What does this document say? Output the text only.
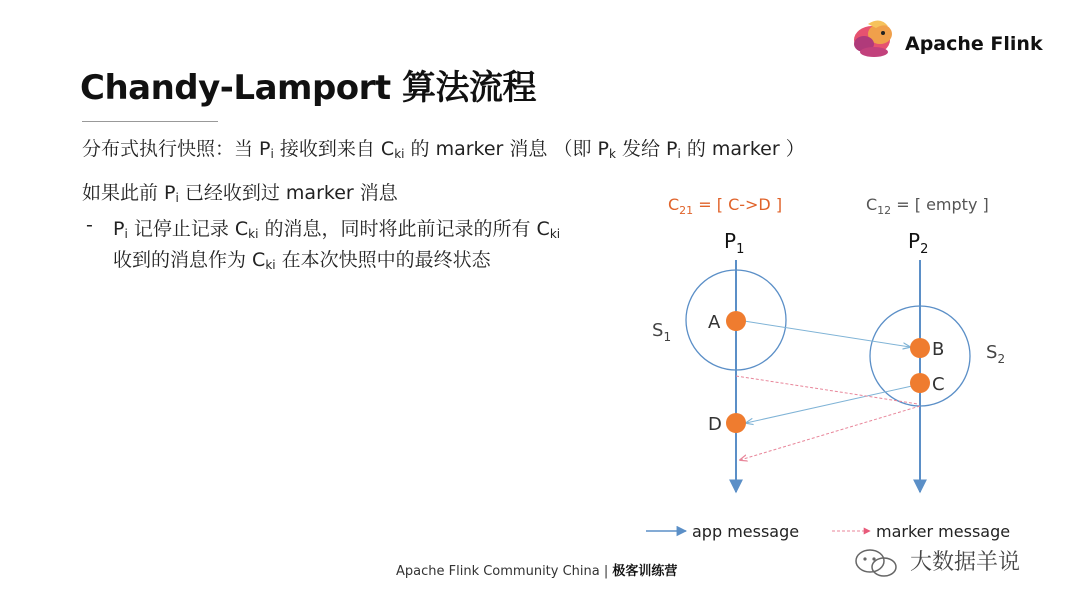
Chandy-Lamport 算法流程
Apache Flink
分布式执行快照：当 $P_i$ 接收到来自 $C_{ki}$ 的 marker 消息 （即 $P_k$ 发给 $P_i$ 的 marker ）
如果此前 $P_i$ 已经收到过 marker 消息
- $P_i$ 记停止记录 $C_{ki}$ 的消息，同时将此前记录的所有 $C_{ki}$
收到的消息作为 $C_{ki}$ 在本次快照中的最终状态
$C_{21}$ = [ C->D ]	$C_{12}$ = [ empty ]
$P_1$	$P_2$
A
B
C
D
$S_1$
$S_2$
app message	marker message
Apache Flink Community China | 极客训练营	大数据羊说
